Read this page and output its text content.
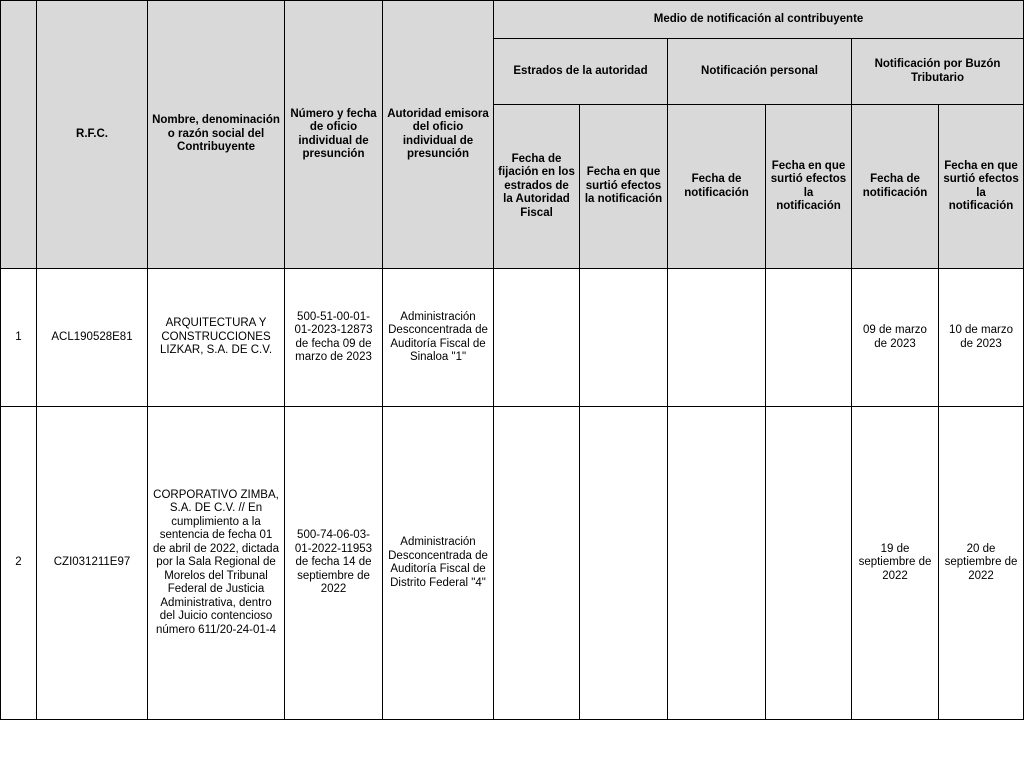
	R.F.C.	Nombre, denominación o razón social del Contribuyente	Número y fecha de oficio individual de presunción	Autoridad emisora del oficio individual de presunción	Medio de notificación al contribuyente					
					Estrados de la autoridad		Notificación personal		Notificación por Buzón Tributario	
					Fecha de fijación en los estrados de la Autoridad Fiscal	Fecha en que surtió efectos la notificación	Fecha de notificación	Fecha en que surtió efectos la notificación	Fecha de notificación	Fecha en que surtió efectos la notificación
1	ACL190528E81	ARQUITECTURA Y CONSTRUCCIONES LIZKAR, S.A. DE C.V.	500-51-00-01-01-2023-12873 de fecha 09 de marzo de 2023	Administración Desconcentrada de Auditoría Fiscal de Sinaloa "1"					09 de marzo de 2023	10 de marzo de 2023
2	CZI031211E97	CORPORATIVO ZIMBA, S.A. DE C.V. // En cumplimiento a la sentencia de fecha 01 de abril de 2022, dictada por la Sala Regional de Morelos del Tribunal Federal de Justicia Administrativa, dentro del Juicio contencioso número 611/20-24-01-4	500-74-06-03-01-2022-11953 de fecha 14 de septiembre de 2022	Administración Desconcentrada de Auditoría Fiscal de Distrito Federal "4"					19 de septiembre de 2022	20 de septiembre de 2022
